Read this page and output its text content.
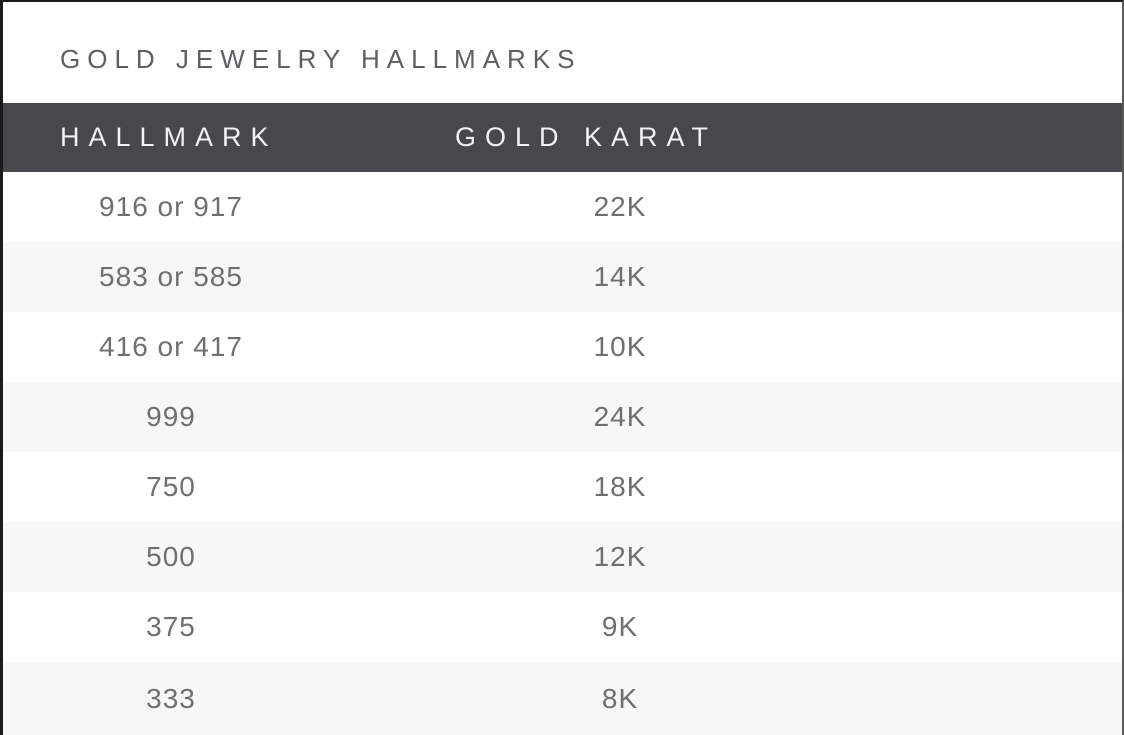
GOLD JEWELRY HALLMARKS
HALLMARK	GOLD KARAT
916 or 917	22K
583 or 585	14K
416 or 417	10K
999	24K
750	18K
500	12K
375	9K
333	8K
